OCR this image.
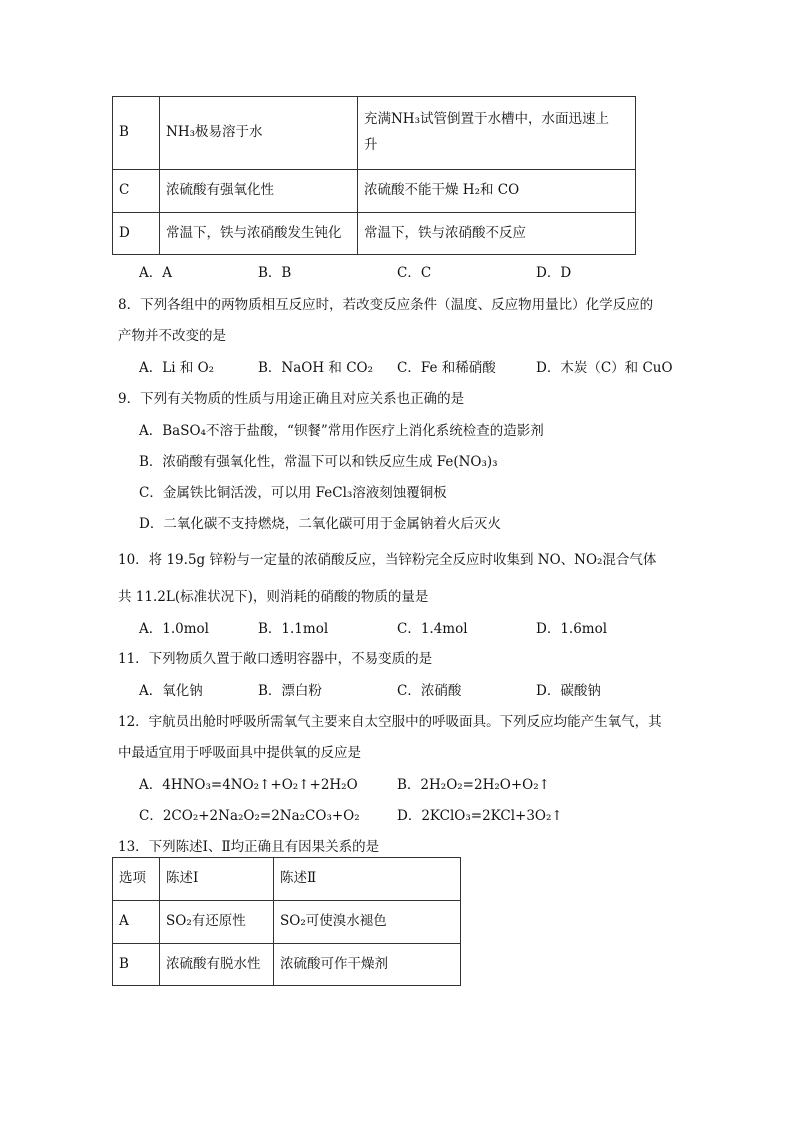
B	NH₃极易溶于水	充满NH₃试管倒置于水槽中，水面迅速上
升

C	浓硫酸有强氧化性	浓硫酸不能干燥 H₂和 CO
D	常温下，铁与浓硝酸发生钝化	常温下，铁与浓硝酸不反应
A．A	B．B	C．C	D．D
8．下列各组中的两物质相互反应时，若改变反应条件（温度、反应物用量比）化学反应的
产物并不改变的是
A．Li 和 O₂	B．NaOH 和 CO₂ C．Fe 和稀硝酸	D．木炭（C）和 CuO
9．下列有关物质的性质与用途正确且对应关系也正确的是
A．BaSO₄不溶于盐酸，“钡餐”常用作医疗上消化系统检查的造影剂
B．浓硝酸有强氧化性，常温下可以和铁反应生成 Fe(NO₃)₃
C．金属铁比铜活泼，可以用 FeCl₃溶液刻蚀覆铜板
D．二氧化碳不支持燃烧，二氧化碳可用于金属钠着火后灭火
10．将 19.5g 锌粉与一定量的浓硝酸反应，当锌粉完全反应时收集到 NO、NO₂混合气体
共 11.2L(标准状况下)，则消耗的硝酸的物质的量是
A．1.0mol	B．1.1mol	C．1.4mol	D．1.6mol
11．下列物质久置于敞口透明容器中，不易变质的是
A．氧化钠	B．漂白粉	C．浓硝酸	D．碳酸钠
12．宇航员出舱时呼吸所需氧气主要来自太空服中的呼吸面具。下列反应均能产生氧气，其
中最适宜用于呼吸面具中提供氧的反应是
A．4HNO₃=4NO₂↑+O₂↑+2H₂O	B．2H₂O₂=2H₂O+O₂↑
C．2CO₂+2Na₂O₂=2Na₂CO₃+O₂	D．2KClO₃=2KCl+3O₂↑
13．下列陈述Ⅰ、Ⅱ均正确且有因果关系的是
选项	陈述Ⅰ	陈述Ⅱ
A	SO₂有还原性	SO₂可使溴水褪色
B	浓硫酸有脱水性	浓硫酸可作干燥剂
